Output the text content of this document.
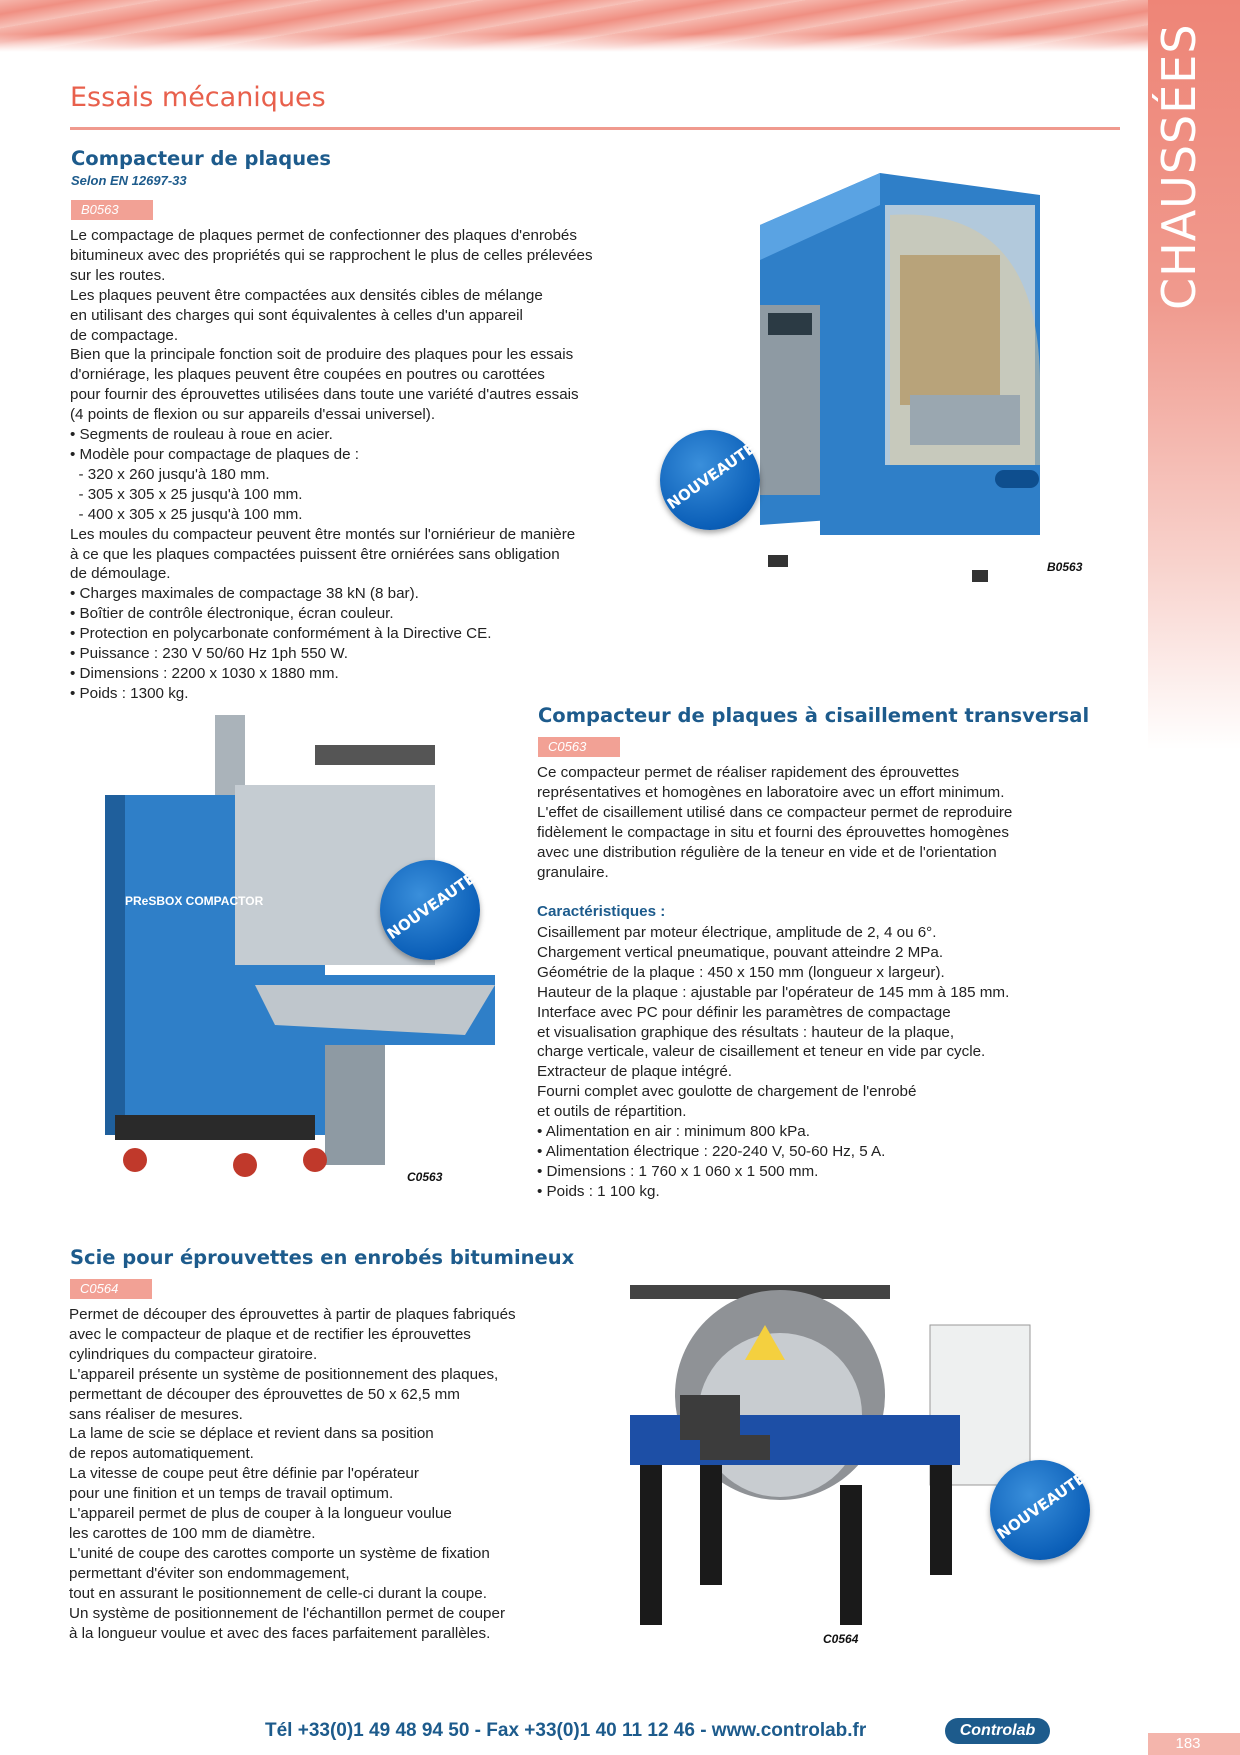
CHAUSSÉES
Essais mécaniques
Compacteur de plaques
Selon EN 12697-33
B0563
Le compactage de plaques permet de confectionner des plaques d'enrobés
bitumineux avec des propriétés qui se rapprochent le plus de celles prélevées
sur les routes.
Les plaques peuvent être compactées aux densités cibles de mélange
en utilisant des charges qui sont équivalentes à celles d'un appareil
de compactage.
Bien que la principale fonction soit de produire des plaques pour les essais
d'orniérage, les plaques peuvent être coupées en poutres ou carottées
pour fournir des éprouvettes utilisées dans toute une variété d'autres essais
(4 points de flexion ou sur appareils d'essai universel).
• Segments de rouleau à roue en acier.
• Modèle pour compactage de plaques de :
- 320 x 260 jusqu'à 180 mm.
- 305 x 305 x 25 jusqu'à 100 mm.
- 400 x 305 x 25 jusqu'à 100 mm.
Les moules du compacteur peuvent être montés sur l'orniérieur de manière
à ce que les plaques compactées puissent être orniérées sans obligation
de démoulage.
• Charges maximales de compactage 38 kN (8 bar).
• Boîtier de contrôle électronique, écran couleur.
• Protection en polycarbonate conformément à la Directive CE.
• Puissance : 230 V 50/60 Hz 1ph 550 W.
• Dimensions : 2200 x 1030 x 1880 mm.
• Poids : 1300 kg.
NOUVEAUTÉ
B0563
Compacteur de plaques à cisaillement transversal
C0563
Ce compacteur permet de réaliser rapidement des éprouvettes
représentatives et homogènes en laboratoire avec un effort minimum.
L'effet de cisaillement utilisé dans ce compacteur permet de reproduire
fidèlement le compactage in situ et fourni des éprouvettes homogènes
avec une distribution régulière de la teneur en vide et de l'orientation
granulaire.
Caractéristiques :
Cisaillement par moteur électrique, amplitude de 2, 4 ou 6°.
Chargement vertical pneumatique, pouvant atteindre 2 MPa.
Géométrie de la plaque : 450 x 150 mm (longueur x largeur).
Hauteur de la plaque : ajustable par l'opérateur de 145 mm à 185 mm.
Interface avec PC pour définir les paramètres de compactage
et visualisation graphique des résultats : hauteur de la plaque,
charge verticale, valeur de cisaillement et teneur en vide par cycle.
Extracteur de plaque intégré.
Fourni complet avec goulotte de chargement de l'enrobé
et outils de répartition.
• Alimentation en air : minimum 800 kPa.
• Alimentation électrique : 220-240 V, 50-60 Hz, 5 A.
• Dimensions : 1 760 x 1 060 x 1 500 mm.
• Poids : 1 100 kg.
PReSBOX COMPACTOR	NOUVEAUTÉ
C0563
Scie pour éprouvettes en enrobés bitumineux
C0564
Permet de découper des éprouvettes à partir de plaques fabriqués
avec le compacteur de plaque et de rectifier les éprouvettes
cylindriques du compacteur giratoire.
L'appareil présente un système de positionnement des plaques,
permettant de découper des éprouvettes de 50 x 62,5 mm
sans réaliser de mesures.
La lame de scie se déplace et revient dans sa position
de repos automatiquement.
La vitesse de coupe peut être définie par l'opérateur
pour une finition et un temps de travail optimum.
L'appareil permet de plus de couper à la longueur voulue
les carottes de 100 mm de diamètre.
L'unité de coupe des carottes comporte un système de fixation
permettant d'éviter son endommagement,
tout en assurant le positionnement de celle-ci durant la coupe.
Un système de positionnement de l'échantillon permet de couper
à la longueur voulue et avec des faces parfaitement parallèles.
NOUVEAUTÉ
C0564
Tél +33(0)1 49 48 94 50 - Fax +33(0)1 40 11 12 46 - www.controlab.fr	Controlab
183
